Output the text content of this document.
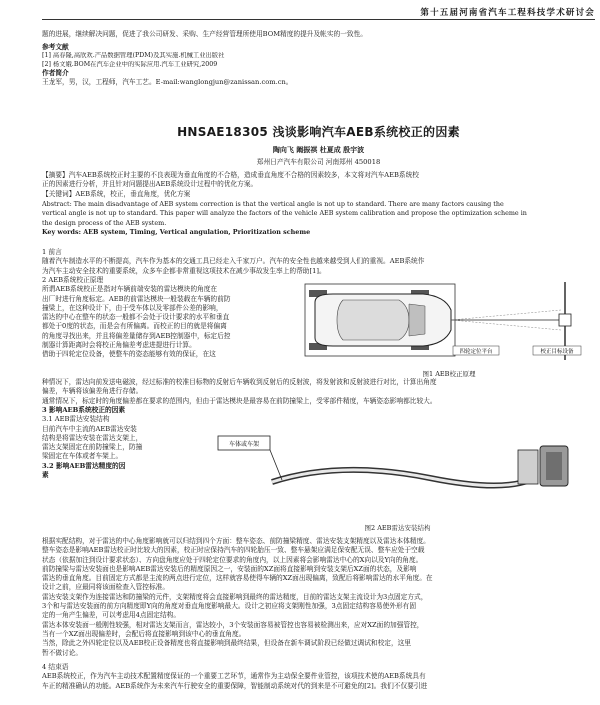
第十五届河南省汽车工程科技学术研讨会
题的进展，继续解决问题，促进了我公司研发、采购、生产经营管理所使用BOM精度的提升及帐实的一致性。
参考文献
[1] 高春隆,高欣欢.产品数据管理(PDM)及其实施.机械工业出版社
[2] 杨文娥.BOM在汽车企业中的实际应用.汽车工业研究,2009
作者简介
王龙军，男，汉，工程师，汽车工艺。E-mail:wanglongjun@zanissan.com.cn。
HNSAE18305 浅谈影响汽车AEB系统校正的因素
陶向飞 阚振祺 杜夏成 殷宇波
郑州日产汽车有限公司 河南郑州 450018
【摘要】汽车AEB系统校正时主要的不良表现为垂直角度的不合格，造成垂直角度不合格的因素较多，本文将对汽车AEB系统校
正的因素进行分析，并且针对问题提出AEB系统设计过程中的优化方案。
【关键词】AEB系统，校正，垂直角度，优化方案
Abstract: The main disadvantage of AEB system correction is that the vertical angle is not up to standard. There are many factors causing the
vertical angle is not up to standard. This paper will analyze the factors of the vehicle AEB system calibration and propose the optimization scheme in
the design process of the AEB system.
Key words: AEB system, Timing, Vertical angulation, Prioritization scheme
1 前言
随着汽车制造水平的不断提高，汽车作为基本的交通工具已经走入千家万户。汽车的安全性也越来越受到人们的重视。AEB系统作
为汽车主动安全技术的重要系统，众多车企都非常重视这项技术在减少事故发生率上的帮助[1]。
2 AEB系统校正原理
所谓AEB系统校正是指对车辆前端安装的雷达模块的角度在
出厂时进行角度标定。AEB的前雷达模块一般装载在车辆的前防
撞梁上，在这种设计下，由于受车体以及零部件公差的影响，
雷达的中心在整车的状态一般都不会处于设计要求的水平和垂直
都处于0度的状态，而是会有所偏离。而校正的目的就是将偏离
的角度寻找出来，并且将偏差量储存到AEB控制器中，标定后控
制器计算距离时会将校正角偏差考虑进提进行计算。
借助于四轮定位设备，使整车的姿态能够有效的保证，在这	四轮定位平台	校正目标设备
图1 AEB校正原理
种情况下，雷达向前发送电磁波，经过标准的校准目标物的反射后车辆收到反射后的反射波，将发射波和反射波进行对比，计算出角度
偏差，车辆将该偏差角进行存储。
通常情况下，标定时的角度偏差都在要求的范围内，但由于雷达模块是最容易在前防撞梁上，受零部件精度，车辆姿态影响都比较大。
3 影响AEB系统校正的因素
3.1 AEB雷达安装结构
目前汽车中主流的AEB雷达安装
结构是将雷达安装在雷达支架上，
雷达支架固定在前防撞梁上，防撞
梁固定在车体或者车架上。
3.2 影响AEB雷达精度的因
素
车体或车架
图2 AEB雷达安装结构
根据实配结构，对于雷达的中心角度影响就可以归结到四个方面：整车姿态、前防撞梁精度、雷达安装支架精度以及雷达本体精度。
整车姿态是影响AEB雷达校正时比较大的因素，校正时应保持汽车的四轮胎压一致、整车悬架应满足保安配无误、整车应处于空载
状态（依据加注到设计要求状态）、方向盘角度应处于四轮定位要求的角度内，以上因素将会影响雷达中心的X向以及Y向的角度。
前防撞梁与雷达安装面也是影响AEB雷达安装后的精度原因之一，安装面的XZ面将直接影响到安装支架后XZ面的状态，及影响
雷达的垂直角度。目前固定方式都是主流的两点进行定位，这样就容易使得车辆的XZ面出现偏离，致配后将影响雷达的水平角度。在
设计之前，应最同将该面检查入管控标准。
雷达安装支架作为连接雷达和防撞梁的元件，支架精度将会直接影响到最终的雷达精度，目前的雷达支架主流设计为3点固定方式，
3个和与雷达安装面的前方向精度即Y向的角度对垂直角度影响最大。设计之初应将支架刚性加强，3点固定结构容易使外形有固
定的一角产生偏差，可以考虑用4点固定结构。
雷达本体安装面一般刚性较强，相对雷达支架而言，雷达较小，3个安装面容易被管控也容易被检测出来，应对XZ面的加强管控，
当有一个XZ面出现偏差时，会配后将直接影响到该中心的垂直角度。
当然，除此之外四轮定位以及AEB校正设备精度也将直接影响到最终结果，但设备在新车调试阶段已经做过调试和校定，这里
暂不做讨论。
4 结束语
AEB系统校正，作为汽车主动技术配置精度保证的一个重要工艺环节，通常作为主动保全要件业管控，该项技术使的AEB系统具有
车正的精准确认的功能。AEB系统作为未来汽车行驶安全的重要保障，智能制动系统对代的到来是不可避免的[2]。我们不仅要引进
